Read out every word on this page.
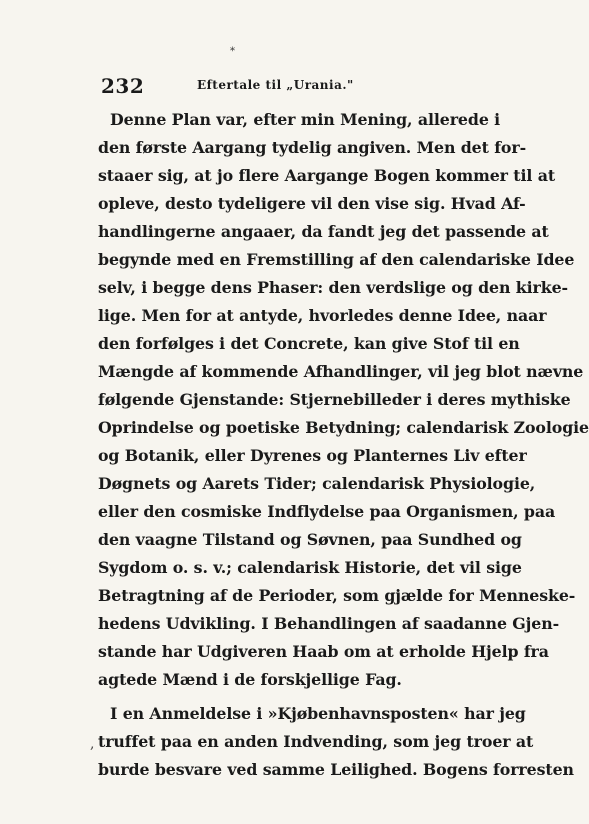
*
232	Eftertale til „Urania."
Denne Plan var, efter min Mening, allerede i
den første Aargang tydelig angiven. Men det for-
staaer sig, at jo flere Aargange Bogen kommer til at
opleve, desto tydeligere vil den vise sig. Hvad Af-
handlingerne angaaer, da fandt jeg det passende at
begynde med en Fremstilling af den calendariske Idee
selv, i begge dens Phaser: den verdslige og den kirke-
lige. Men for at antyde, hvorledes denne Idee, naar
den forfølges i det Concrete, kan give Stof til en
Mængde af kommende Afhandlinger, vil jeg blot nævne
følgende Gjenstande: Stjernebilleder i deres mythiske
Oprindelse og poetiske Betydning; calendarisk Zoologie
og Botanik, eller Dyrenes og Planternes Liv efter
Døgnets og Aarets Tider; calendarisk Physiologie,
eller den cosmiske Indflydelse paa Organismen, paa
den vaagne Tilstand og Søvnen, paa Sundhed og
Sygdom o. s. v.; calendarisk Historie, det vil sige
Betragtning af de Perioder, som gjælde for Menneske-
hedens Udvikling. I Behandlingen af saadanne Gjen-
stande har Udgiveren Haab om at erholde Hjelp fra
agtede Mænd i de forskjellige Fag.
I en Anmeldelse i »Kjøbenhavnsposten« har jeg
truffet paa en anden Indvending, som jeg troer at
burde besvare ved samme Leilighed. Bogens forresten
,
